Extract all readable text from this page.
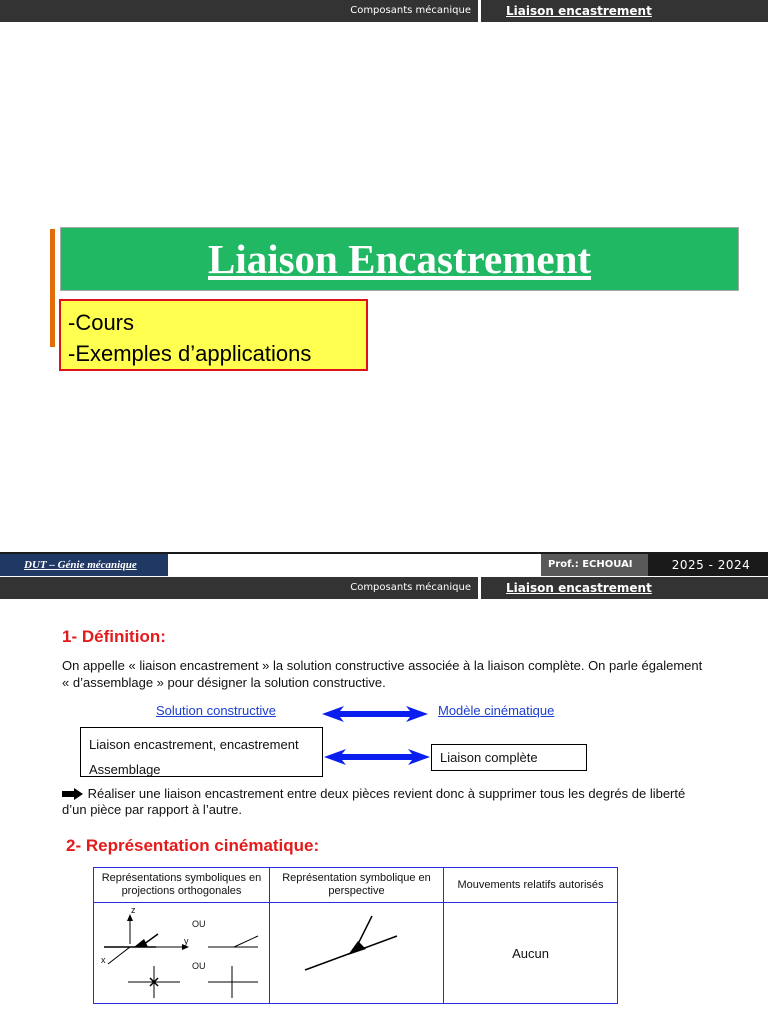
Composants mécanique	Liaison encastrement
Liaison Encastrement
-Cours
-Exemples d’applications
DUT – Génie mécanique	Prof.: ECHOUAI	2025 - 2024
Composants mécanique	Liaison encastrement
1- Définition:
On appelle « liaison encastrement » la solution constructive associée à la liaison complète. On parle également « d’assemblage » pour désigner la solution constructive.
Solution constructive	Modèle cinématique
Liaison encastrement, encastrement
Assemblage
Liaison complète
Réaliser une liaison encastrement entre deux pièces revient donc à supprimer tous les degrés de liberté d’un pièce par rapport à l’autre.
2- Représentation cinématique:
Représentations symboliques en projections orthogonales	Représentation symbolique en perspective	Mouvements relatifs autorisés
		Aucun
z
y
x
OU
OU
